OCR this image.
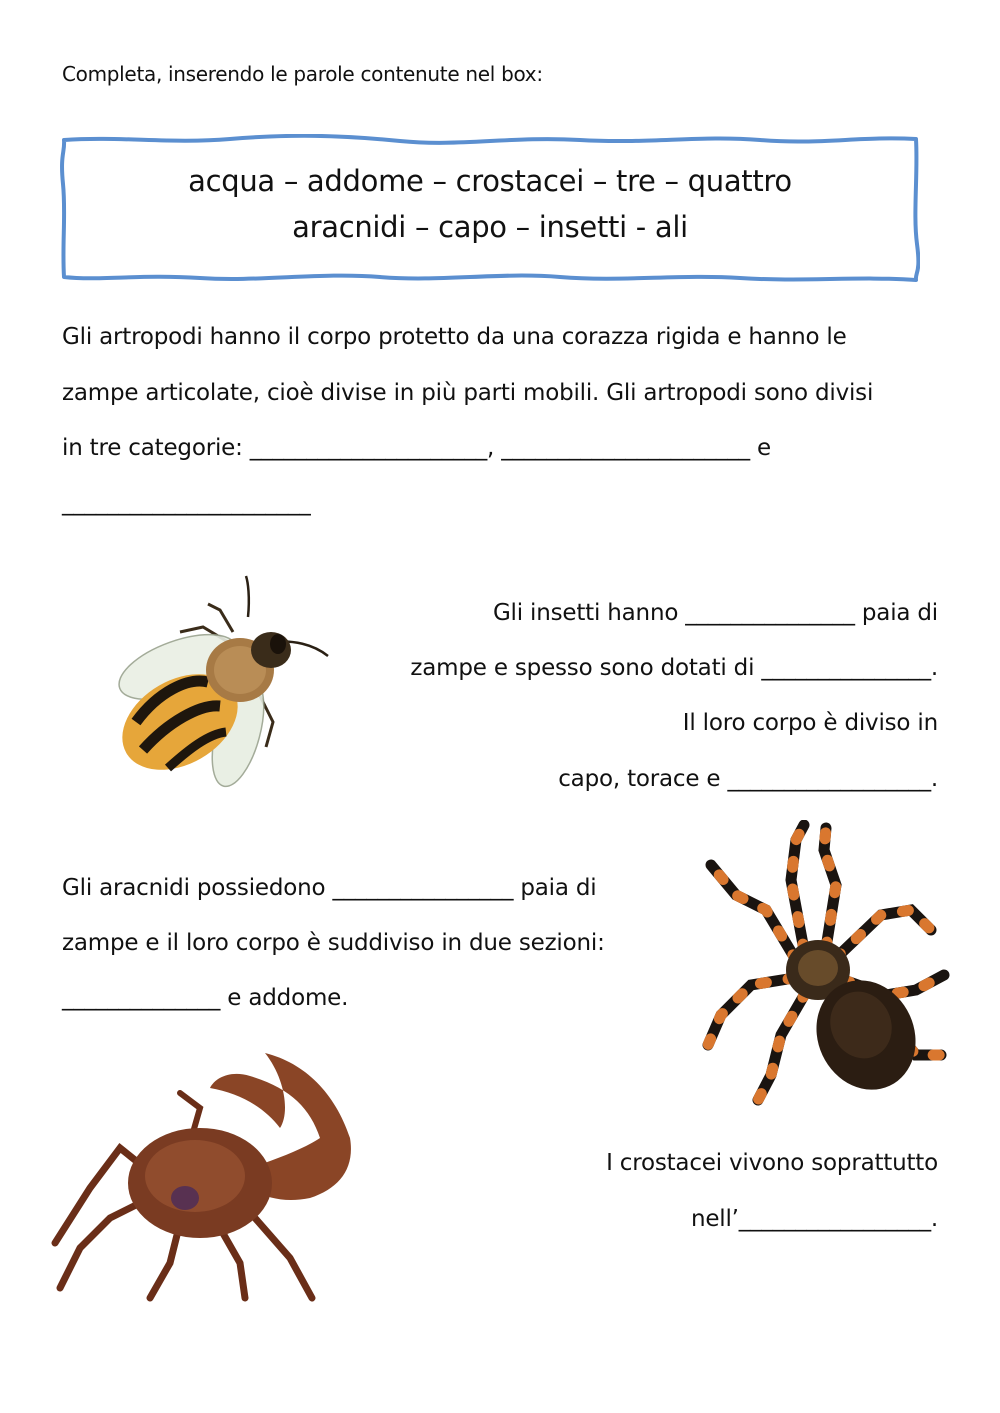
Completa, inserendo le parole contenute nel box:
acqua – addome – crostacei – tre – quattro
aracnidi – capo – insetti - ali
Gli artropodi hanno il corpo protetto da una corazza rigida e hanno le
zampe articolate, cioè divise in più parti mobili. Gli artropodi sono divisi
in tre categorie: _____________________, ______________________ e
______________________
Gli insetti hanno _______________ paia di
zampe e spesso sono dotati di _______________.
Il loro corpo è diviso in
capo, torace e __________________.
Gli aracnidi possiedono ________________ paia di
zampe e il loro corpo è suddiviso in due sezioni:
______________ e addome.
I crostacei vivono soprattutto
nell’_________________.
